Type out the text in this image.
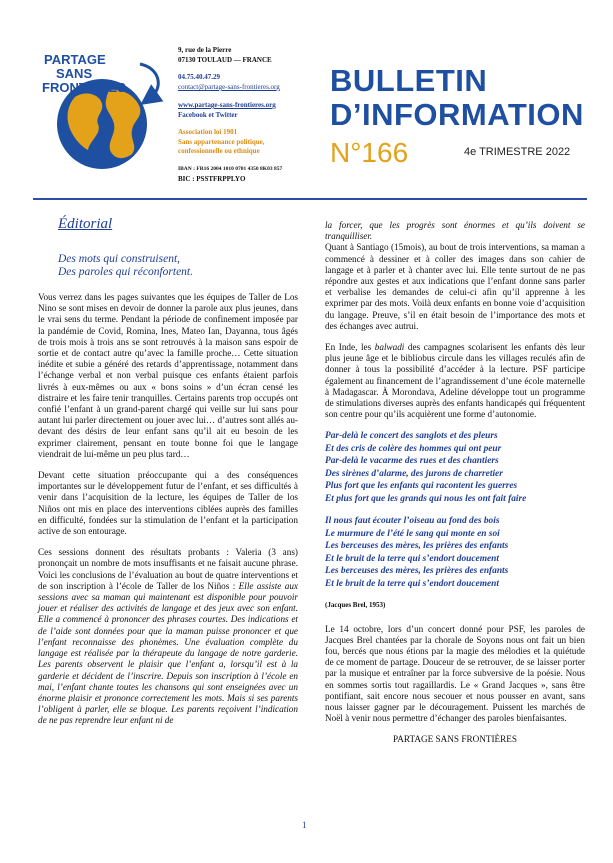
PARTAGE
SANS
FRONTIÈRES
9, rue de la Pierre
07130 TOULAUD — FRANCE
04.75.40.47.29
contact@partage-sans-frontieres.org
www.partage-sans-frontieres.org
Facebook et Twitter
Association loi 1901
Sans appartenance politique,
confessionnelle ou ethnique
IBAN : FR16 2004 1010 0701 4350 8K03 857
BIC : PSSTFRPPLYO
BULLETIN
D’INFORMATION
N°166	4e TRIMESTRE 2022
Éditorial
Des mots qui construisent,
Des paroles qui réconfortent.

Vous verrez dans les pages suivantes que les équipes de Taller de Los Nino se sont mises en devoir de donner la parole aux plus jeunes, dans le vrai sens du terme. Pendant la période de confinement imposée par la pandémie de Covid, Romina, Ines, Mateo Ian, Dayanna, tous âgés de trois mois à trois ans se sont retrouvés à la maison sans espoir de sortie et de contact autre qu’avec la famille proche… Cette situation inédite et subie a généré des retards d’apprentissage, notamment dans l’échange verbal et non verbal puisque ces enfants étaient parfois livrés à eux-mêmes ou aux « bons soins » d’un écran censé les distraire et les faire tenir tranquilles. Certains parents trop occupés ont confié l’enfant à un grand-parent chargé qui veille sur lui sans pour autant lui parler directement ou jouer avec lui… d’autres sont allés au-devant des désirs de leur enfant sans qu’il ait eu besoin de les exprimer clairement, pensant en toute bonne foi que le langage viendrait de lui-même un peu plus tard…

Devant cette situation préoccupante qui a des conséquences importantes sur le développement futur de l’enfant, et ses difficultés à venir dans l’acquisition de la lecture, les équipes de Taller de los Niños ont mis en place des interventions ciblées auprès des familles en difficulté, fondées sur la stimulation de l’enfant et la participation active de son entourage.

Ces sessions donnent des résultats probants : Valeria (3 ans) prononçait un nombre de mots insuffisants et ne faisait aucune phrase. Voici les conclusions de l’évaluation au bout de quatre interventions et de son inscription à l’école de Taller de los Niños : Elle assiste aux sessions avec sa maman qui maintenant est disponible pour pouvoir jouer et réaliser des activités de langage et des jeux avec son enfant. Elle a commencé à prononcer des phrases courtes. Des indications et de l’aide sont données pour que la maman puisse prononcer et que l’enfant reconnaisse des phonèmes. Une évaluation complète du langage est réalisée par la thérapeute du langage de notre garderie. Les parents observent le plaisir que l’enfant a, lorsqu’il est à la garderie et décident de l’inscrire. Depuis son inscription à l’école en mai, l’enfant chante toutes les chansons qui sont enseignées avec un énorme plaisir et prononce correctement les mots. Mais si ses parents l’obligent à parler, elle se bloque. Les parents reçoivent l’indication de ne pas reprendre leur enfant ni de

la forcer, que les progrès sont énormes et qu’ils doivent se tranquilliser.

Quant à Santiago (15mois), au bout de trois interventions, sa maman a commencé à dessiner et à coller des images dans son cahier de langage et à parler et à chanter avec lui. Elle tente surtout de ne pas répondre aux gestes et aux indications que l’enfant donne sans parler et verbalise les demandes de celui-ci afin qu’il apprenne à les exprimer par des mots. Voilà deux enfants en bonne voie d’acquisition du langage. Preuve, s’il en était besoin de l’importance des mots et des échanges avec autrui.

En Inde, les balwadi des campagnes scolarisent les enfants dès leur plus jeune âge et le bibliobus circule dans les villages reculés afin de donner à tous la possibilité d’accéder à la lecture. PSF participe également au financement de l’agrandissement d’une école maternelle à Madagascar. À Morondava, Adeline développe tout un programme de stimulations diverses auprès des enfants handicapés qui fréquentent son centre pour qu’ils acquièrent une forme d’autonomie.

Par-delà le concert des sanglots et des pleurs
Et des cris de colère des hommes qui ont peur
Par-delà le vacarme des rues et des chantiers
Des sirènes d’alarme, des jurons de charretier
Plus fort que les enfants qui racontent les guerres
Et plus fort que les grands qui nous les ont fait faire
Il nous faut écouter l’oiseau au fond des bois
Le murmure de l’été le sang qui monte en soi
Les berceuses des mères, les prières des enfants
Et le bruit de la terre qui s’endort doucement
Les berceuses des mères, les prières des enfants
Et le bruit de la terre qui s’endort doucement
(Jacques Brel, 1953)

Le 14 octobre, lors d’un concert donné pour PSF, les paroles de Jacques Brel chantées par la chorale de Soyons nous ont fait un bien fou, bercés que nous étions par la magie des mélodies et la quiétude de ce moment de partage. Douceur de se retrouver, de se laisser porter par la musique et entraîner par la force subversive de la poésie. Nous en sommes sortis tout ragaillardis. Le « Grand Jacques », sans être pontifiant, sait encore nous secouer et nous pousser en avant, sans nous laisser gagner par le découragement. Puissent les marchés de Noël à venir nous permettre d’échanger des paroles bienfaisantes.

PARTAGE SANS FRONTIÈRES

1
